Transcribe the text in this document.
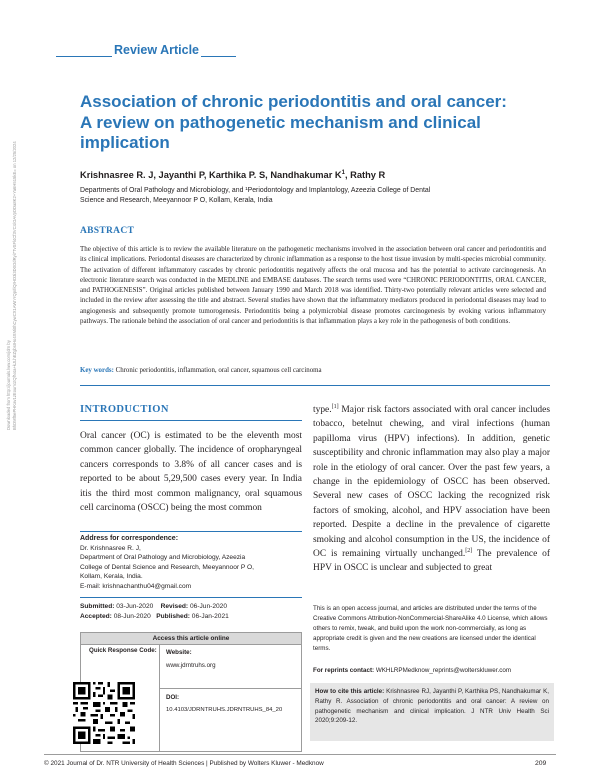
Downloaded from http://journals.lww.com/jdrn by BhDMf5ePHKav1zEoum1tQfN4a+kJLhEZgbsIHo4XMi0hCywCX1AWnYQp/IlQrHD3i3D0OdRyi7TvSFl4Cf3VC4/OAVpDDa8K2+Ya6H515kE= on 12/25/2024
Review Article
Association of chronic periodontitis and oral cancer:
A review on pathogenetic mechanism and clinical
implication
Krishnasree R. J, Jayanthi P, Karthika P. S, Nandhakumar $K^1$, Rathy R
Departments of Oral Pathology and Microbiology, and ¹Periodontology and Implantology, Azeezia College of Dental
Science and Research, Meeyannoor P O, Kollam, Kerala, India
ABSTRACT
The objective of this article is to review the available literature on the pathogenetic mechanisms involved in the association between oral cancer and periodontitis and its clinical implications. Periodontal diseases are characterized by chronic inflammation as a response to the host tissue invasion by multi-species microbial community. The activation of different inflammatory cascades by chronic periodontitis negatively affects the oral mucosa and has the potential to activate carcinogenesis. An electronic literature search was conducted in the MEDLINE and EMBASE databases. The search terms used were “CHRONIC PERIODONTITIS, ORAL CANCER, and PATHOGENESIS”. Original articles published between January 1990 and March 2018 was identified. Thirty-two potentially relevant articles were selected and included in the review after assessing the title and abstract. Several studies have shown that the inflammatory mediators produced in periodontal diseases may lead to angiogenesis and subsequently promote tumorogenesis. Periodontitis being a polymicrobial disease promotes carcinogenesis by evoking various inflammatory pathways. The rationale behind the association of oral cancer and periodontitis is that inflammation plays a key role in the pathogenesis of both conditions.
Key words: Chronic periodontitis, inflammation, oral cancer, squamous cell carcinoma
INTRODUCTION
Oral cancer (OC) is estimated to be the eleventh most common cancer globally. The incidence of oropharyngeal cancers corresponds to 3.8% of all cancer cases and is reported to be about 5,29,500 cases every year. In India itis the third most common malignancy, oral squamous cell carcinoma (OSCC) being the most common
type.[1] Major risk factors associated with oral cancer includes tobacco, betelnut chewing, and viral infections (human papilloma virus (HPV) infections). In addition, genetic susceptibility and chronic inflammation may also play a major role in the etiology of oral cancer. Over the past few years, a change in the epidemiology of OSCC has been observed. Several new cases of OSCC lacking the recognized risk factors of smoking, alcohol, and HPV association have been reported. Despite a decline in the prevalence of cigarette smoking and alcohol consumption in the US, the incidence of OC is remaining virtually unchanged.[2] The prevalence of HPV in OSCC is unclear and subjected to great
Address for correspondence:
Dr. Krishnasree R. J,
Department of Oral Pathology and Microbiology, Azeezia
College of Dental Science and Research, Meeyannoor P O,
Kollam, Kerala, India.
E-mail: krishnachanthu04@gmail.com
Submitted: 03-Jun-2020 Revised: 06-Jun-2020
Accepted: 08-Jun-2020 Published: 06-Jan-2021
Access this article online
Quick Response Code:	Website:
www.jdrntruhs.org
DOI:
10.4103/JDRNTRUHS.JDRNTRUHS_84_20
This is an open access journal, and articles are distributed under the terms of the Creative Commons Attribution-NonCommercial-ShareAlike 4.0 License, which allows others to remix, tweak, and build upon the work non-commercially, as long as appropriate credit is given and the new creations are licensed under the identical terms.
For reprints contact: WKHLRPMedknow_reprints@wolterskluwer.com
How to cite this article: Krishnasree RJ, Jayanthi P, Karthika PS, Nandhakumar K, Rathy R. Association of chronic periodontitis and oral cancer: A review on pathogenetic mechanism and clinical implication. J NTR Univ Health Sci 2020;9:209-12.
© 2021 Journal of Dr. NTR University of Health Sciences | Published by Wolters Kluwer - Medknow	209
